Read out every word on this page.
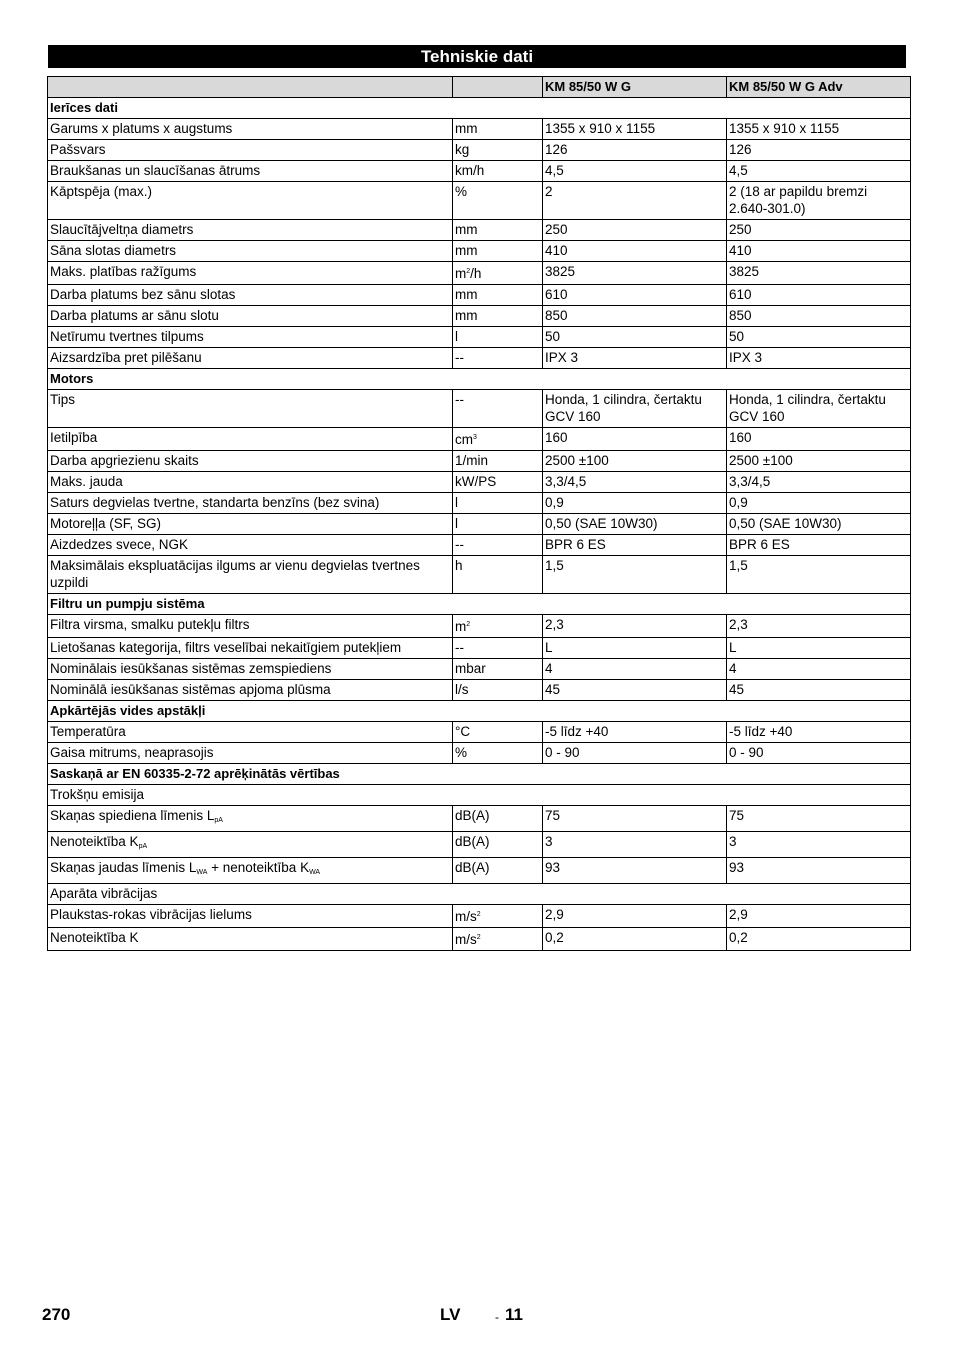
Tehniskie dati
		KM 85/50 W G	KM 85/50 W G Adv
Ierīces dati			
Garums x platums x augstums	mm	1355 x 910 x 1155	1355 x 910 x 1155
Pašsvars	kg	126	126
Braukšanas un slaucīšanas ātrums	km/h	4,5	4,5
Kāptspēja (max.)	%	2	2 (18 ar papildu bremzi 2.640-301.0)
Slaucītājveltņa diametrs	mm	250	250
Sāna slotas diametrs	mm	410	410
Maks. platības ražīgums	$m^2/h$	3825	3825
Darba platums bez sānu slotas	mm	610	610
Darba platums ar sānu slotu	mm	850	850
Netīrumu tvertnes tilpums	l	50	50
Aizsardzība pret pilēšanu	--	IPX 3	IPX 3
Motors			
Tips	--	Honda, 1 cilindra, čertaktu GCV 160	Honda, 1 cilindra, čertaktu GCV 160
Ietilpība	$cm^3$	160	160
Darba apgriezienu skaits	1/min	2500 ±100	2500 ±100
Maks. jauda	kW/PS	3,3/4,5	3,3/4,5
Saturs degvielas tvertne, standarta benzīns (bez svina)	l	0,9	0,9
Motoreļļa (SF, SG)	l	0,50 (SAE 10W30)	0,50 (SAE 10W30)
Aizdedzes svece, NGK	--	BPR 6 ES	BPR 6 ES
Maksimālais ekspluatācijas ilgums ar vienu degvielas tvertnes uzpildi	h	1,5	1,5
Filtru un pumpju sistēma			
Filtra virsma, smalku putekļu filtrs	$m^2$	2,3	2,3
Lietošanas kategorija, filtrs veselībai nekaitīgiem putekļiem	--	L	L
Nominālais iesūkšanas sistēmas zemspiediens	mbar	4	4
Nominālā iesūkšanas sistēmas apjoma plūsma	l/s	45	45
Apkārtējās vides apstākļi			
Temperatūra	°C	-5 līdz +40	-5 līdz +40
Gaisa mitrums, neaprasojis	%	0 - 90	0 - 90
Saskaņā ar EN 60335-2-72 aprēķinātās vērtības			
Trokšņu emisija			
Skaņas spiediena līmenis $L_{pA}$	dB(A)	75	75
Nenoteiktība $K_{pA}$	dB(A)	3	3
Skaņas jaudas līmenis $L_{WA}$ + nenoteiktība $K_{WA}$	dB(A)	93	93
Aparāta vibrācijas			
Plaukstas-rokas vibrācijas lielums	$m/s^2$	2,9	2,9
Nenoteiktība K	$m/s^2$	0,2	0,2
270	LV	- 11
